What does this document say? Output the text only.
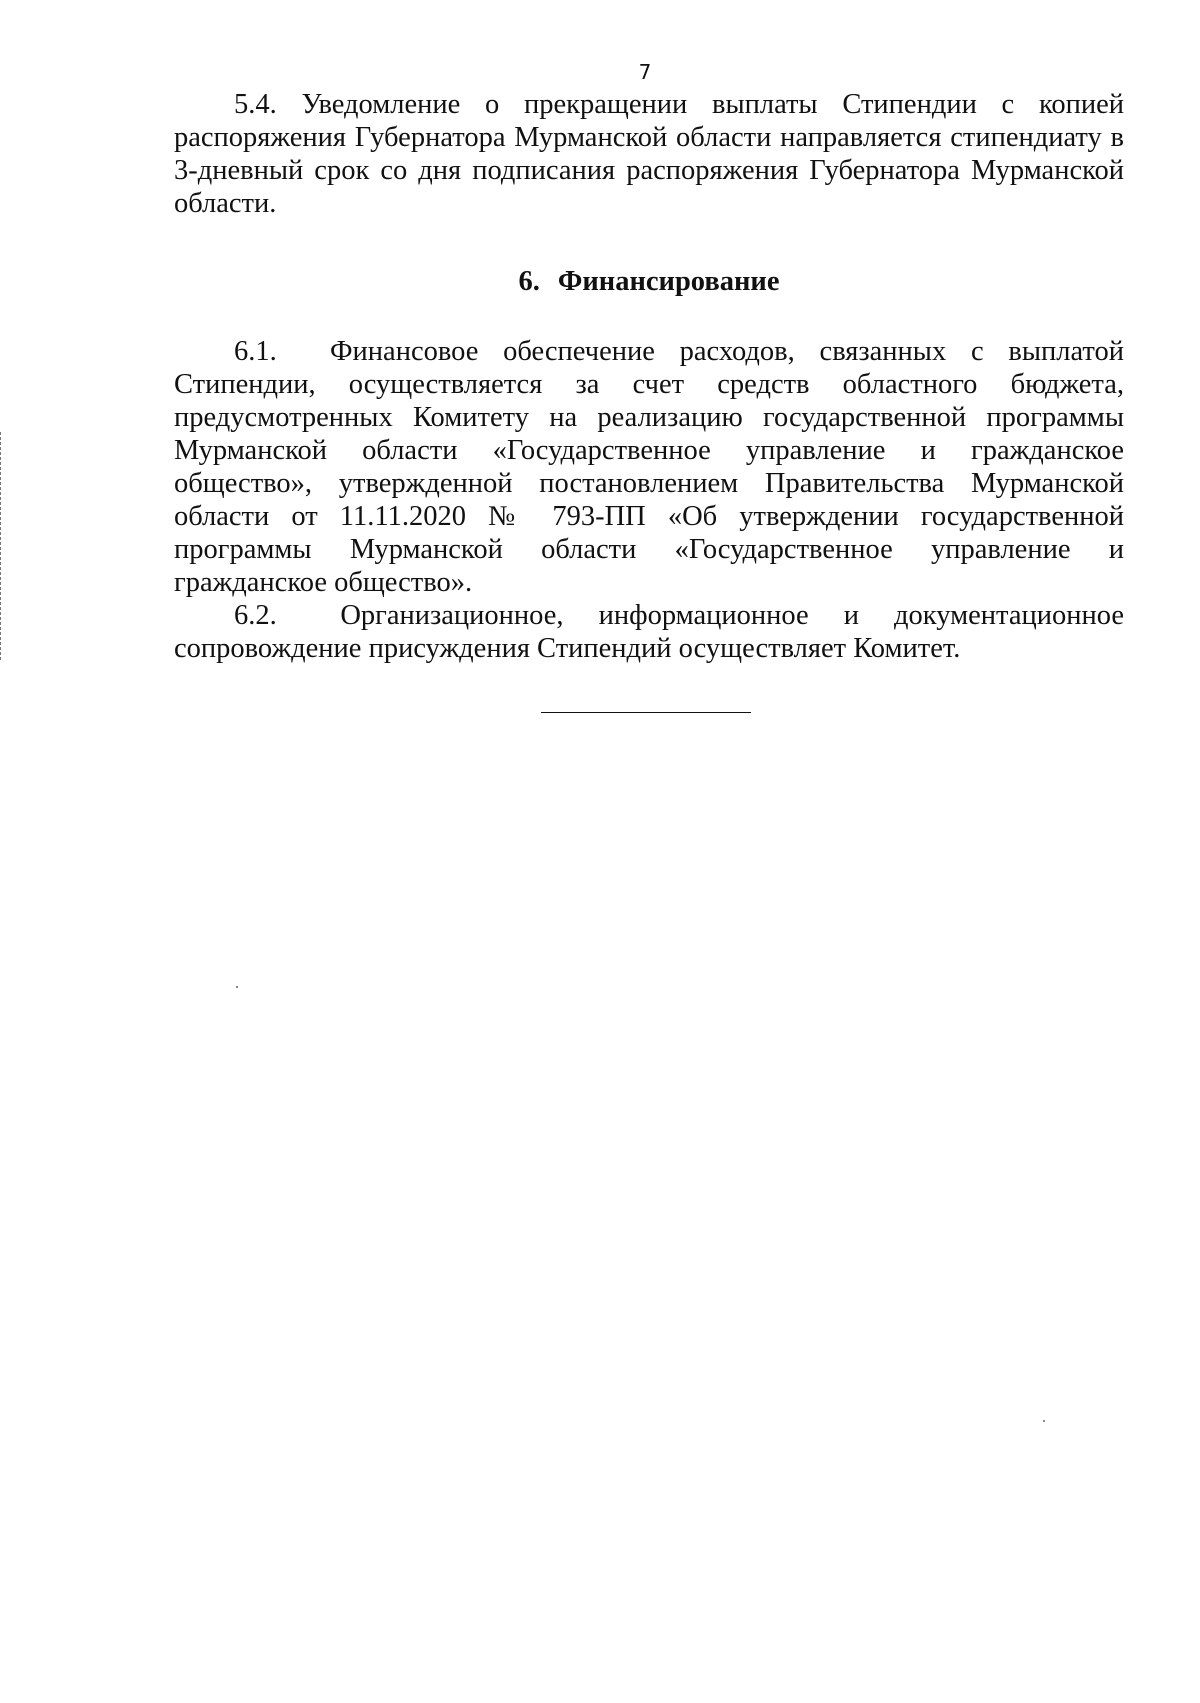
7

5.4. Уведомление о прекращении выплаты Стипендии с копией распоряжения Губернатора Мурманской области направляется стипендиату в 3-дневный срок со дня подписания распоряжения Губернатора Мурманской области.

6. Финансирование

6.1.  Финансовое обеспечение расходов, связанных с выплатой Стипендии, осуществляется за счет средств областного бюджета, предусмотренных Комитету на реализацию государственной программы Мурманской области «Государственное управление и гражданское общество», утвержденной постановлением Правительства Мурманской области от 11.11.2020 № 793-ПП «Об утверждении государственной программы Мурманской области «Государственное управление и гражданское общество».

6.2.  Организационное, информационное и документационное сопровождение присуждения Стипендий осуществляет Комитет.
